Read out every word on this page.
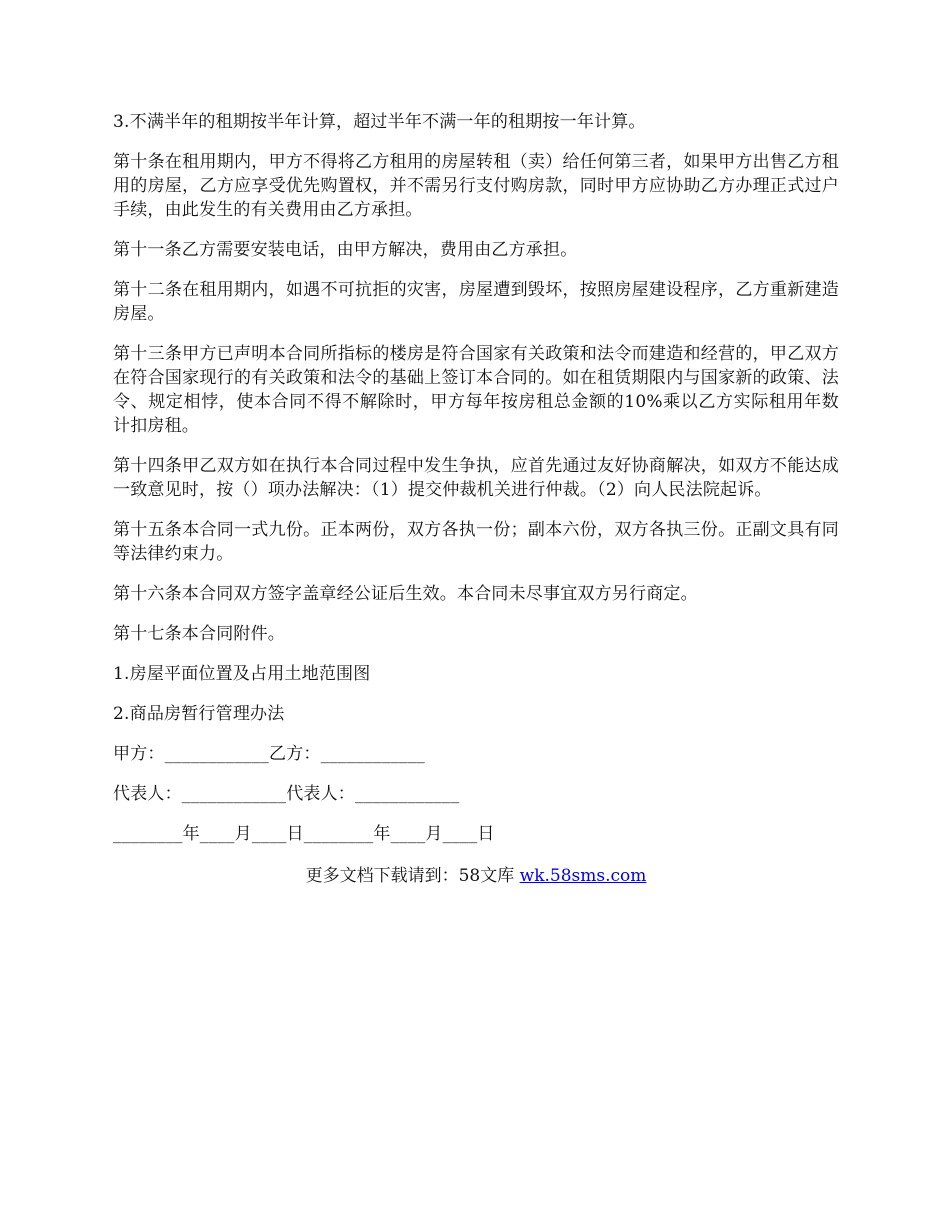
3.不满半年的租期按半年计算，超过半年不满一年的租期按一年计算。

第十条在租用期内，甲方不得将乙方租用的房屋转租（卖）给任何第三者，如果甲方出售乙方租用的房屋，乙方应享受优先购置权，并不需另行支付购房款，同时甲方应协助乙方办理正式过户手续，由此发生的有关费用由乙方承担。

第十一条乙方需要安装电话，由甲方解决，费用由乙方承担。

第十二条在租用期内，如遇不可抗拒的灾害，房屋遭到毁坏，按照房屋建设程序，乙方重新建造房屋。

第十三条甲方已声明本合同所指标的楼房是符合国家有关政策和法令而建造和经营的，甲乙双方在符合国家现行的有关政策和法令的基础上签订本合同的。如在租赁期限内与国家新的政策、法令、规定相悖，使本合同不得不解除时，甲方每年按房租总金额的10%乘以乙方实际租用年数计扣房租。

第十四条甲乙双方如在执行本合同过程中发生争执，应首先通过友好协商解决，如双方不能达成一致意见时，按（）项办法解决：（1）提交仲裁机关进行仲裁。（2）向人民法院起诉。

第十五条本合同一式九份。正本两份，双方各执一份；副本六份，双方各执三份。正副文具有同等法律约束力。

第十六条本合同双方签字盖章经公证后生效。本合同未尽事宜双方另行商定。

第十七条本合同附件。

1.房屋平面位置及占用土地范围图

2.商品房暂行管理办法

甲方：____________乙方：____________

代表人：____________代表人：____________

________年____月____日________年____月____日

更多文档下载请到：58文库 wk.58sms.com
